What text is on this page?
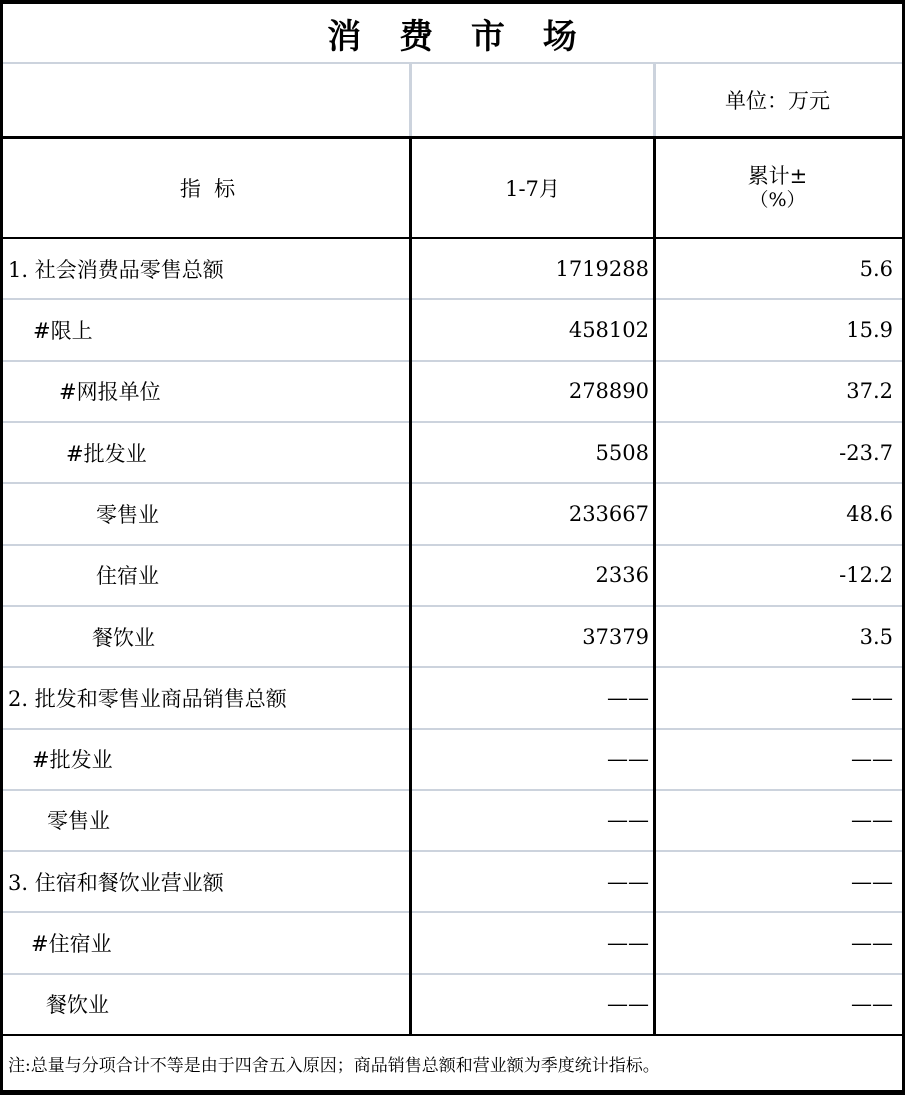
消 费 市 场
单位：万元
指  标	1-7月
累计±
（%）
1. 社会消费品零售总额	1719288	5.6
#限上	458102	15.9
#网报单位	278890	37.2
#批发业	5508	-23.7
零售业	233667	48.6
住宿业	2336	-12.2
餐饮业	37379	3.5
2. 批发和零售业商品销售总额	——	——
#批发业	——	——
零售业	——	——
3. 住宿和餐饮业营业额	——	——
#住宿业	——	——
餐饮业	——	——
注:总量与分项合计不等是由于四舍五入原因；商品销售总额和营业额为季度统计指标。
